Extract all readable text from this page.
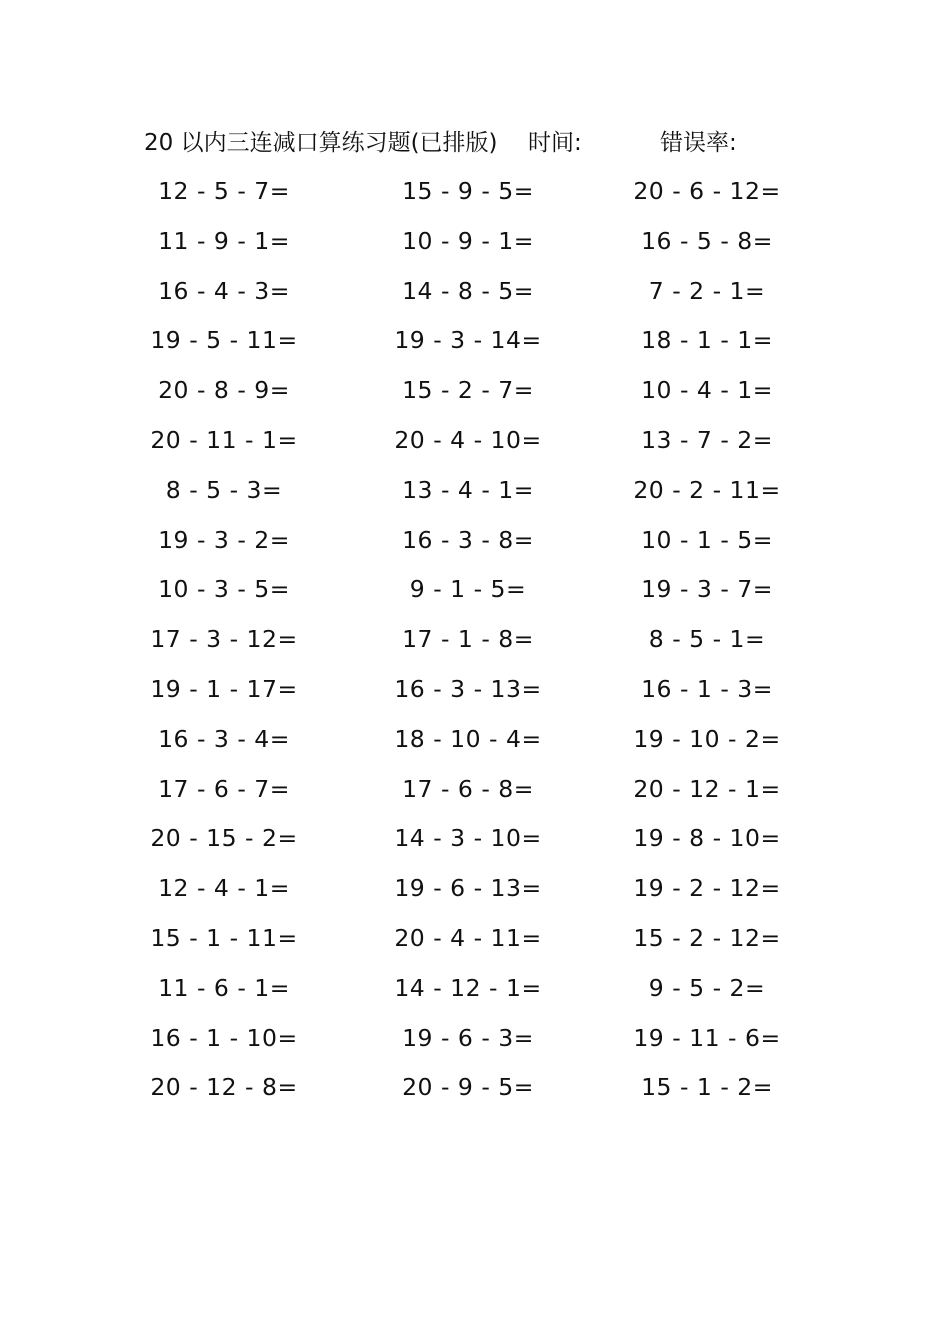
20 以内三连减口算练习题(已排版) 时间:	错误率:
12 - 5 - 7=	15 - 9 - 5=	20 - 6 - 12=
11 - 9 - 1=	10 - 9 - 1=	16 - 5 - 8=
16 - 4 - 3=	14 - 8 - 5=	7 - 2 - 1=
19 - 5 - 11=	19 - 3 - 14=	18 - 1 - 1=
20 - 8 - 9=	15 - 2 - 7=	10 - 4 - 1=
20 - 11 - 1=	20 - 4 - 10=	13 - 7 - 2=
8 - 5 - 3=	13 - 4 - 1=	20 - 2 - 11=
19 - 3 - 2=	16 - 3 - 8=	10 - 1 - 5=
10 - 3 - 5=	9 - 1 - 5=	19 - 3 - 7=
17 - 3 - 12=	17 - 1 - 8=	8 - 5 - 1=
19 - 1 - 17=	16 - 3 - 13=	16 - 1 - 3=
16 - 3 - 4=	18 - 10 - 4=	19 - 10 - 2=
17 - 6 - 7=	17 - 6 - 8=	20 - 12 - 1=
20 - 15 - 2=	14 - 3 - 10=	19 - 8 - 10=
12 - 4 - 1=	19 - 6 - 13=	19 - 2 - 12=
15 - 1 - 11=	20 - 4 - 11=	15 - 2 - 12=
11 - 6 - 1=	14 - 12 - 1=	9 - 5 - 2=
16 - 1 - 10=	19 - 6 - 3=	19 - 11 - 6=
20 - 12 - 8=	20 - 9 - 5=	15 - 1 - 2=
